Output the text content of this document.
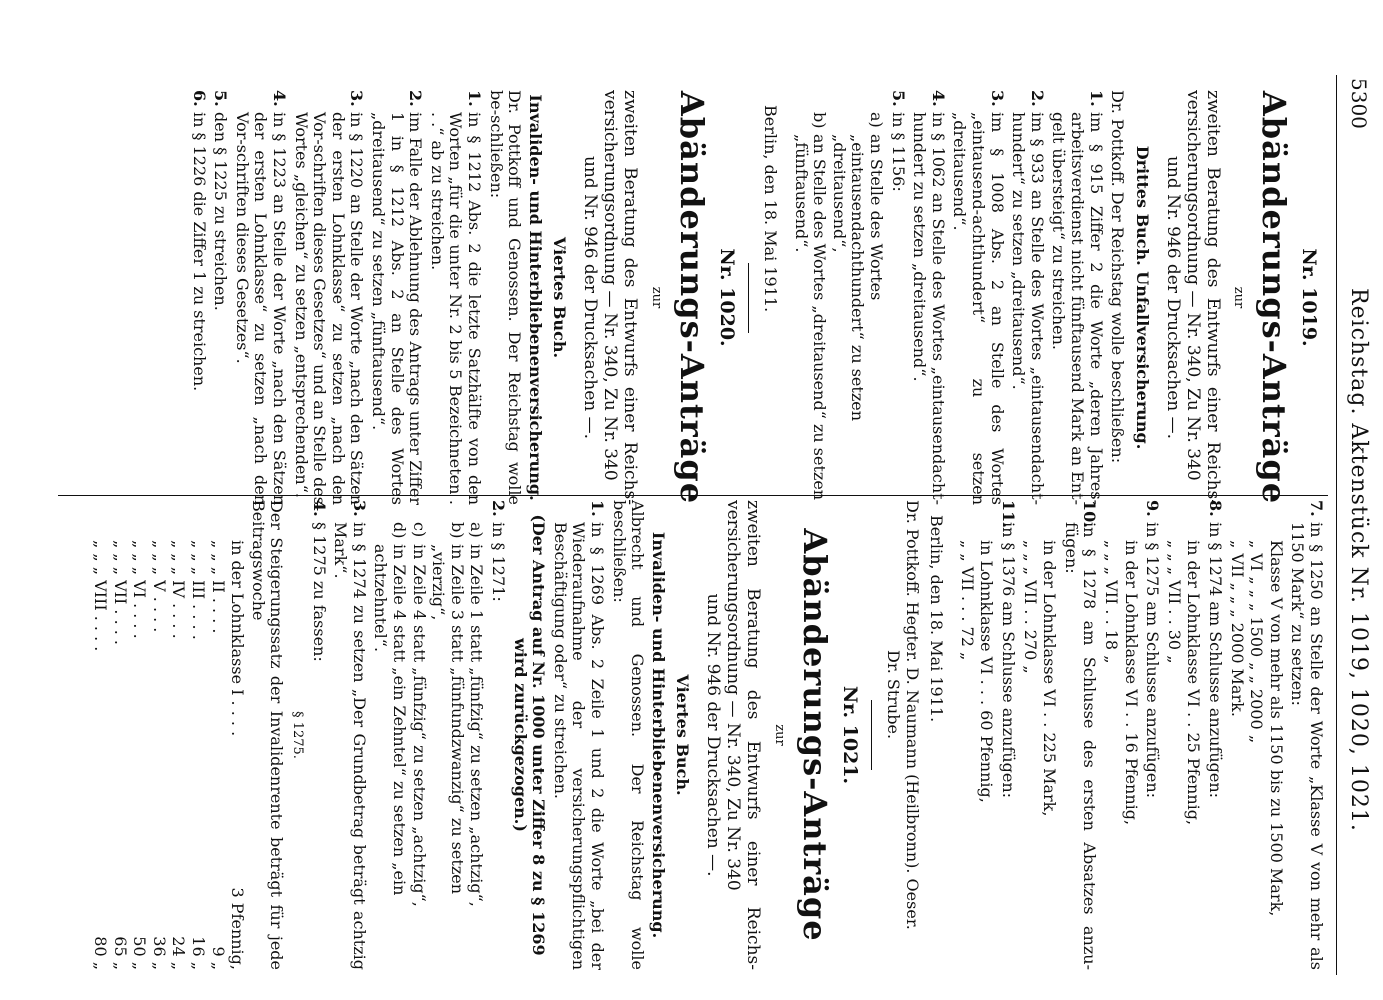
5300
Reichstag. Aktenstück Nr. 1019, 1020, 1021.
Nr. 1019.
Abänderungs-Anträge
zur
zweiten Beratung des Entwurfs einer Reichs-versicherungsordnung — Nr. 340, Zu Nr. 340
und Nr. 946 der Drucksachen —.
Drittes Buch. Unfallversicherung.
Dr. Pottkoff. Der Reichstag wolle beschließen:
1.
im § 915 Ziffer 2 die Worte „deren Jahres-arbeitsverdienst nicht fünftausend Mark an Ent-gelt übersteigt“ zu streichen.
2.
im § 933 an Stelle des Wortes „eintausendacht-hundert“ zu setzen „dreitausend“.
3.
im § 1008 Abs. 2 an Stelle des Wortes „eintausend-achthundert“ zu setzen „dreitausend“.
4.
in § 1062 an Stelle des Wortes „eintausendacht-hundert zu setzen „dreitausend“.
5.
in § 1156:
a)
an Stelle des Wortes „eintausendachthundert“ zu setzen „dreitausend“,
b)
an Stelle des Wortes „dreitausend“ zu setzen „fünftausend“.
Berlin, den 18. Mai 1911.
Nr. 1020.
Abänderungs-Anträge
zur
zweiten Beratung des Entwurfs einer Reichs-versicherungsordnung — Nr. 340, Zu Nr. 340
und Nr. 946 der Drucksachen —.
Viertes Buch.
Invaliden- und Hinterbliebenenversicherung.
Dr. Pottkoff und Genossen. Der Reichstag wolle be-schließen:
1.
in § 1212 Abs. 2 die letzte Satzhälfte von den Worten „für die unter Nr. 2 bis 5 Bezeichneten . . .“ ab zu streichen.
2.
im Falle der Ablehnung des Antrags unter Ziffer 1 in § 1212 Abs. 2 an Stelle des Wortes „dreitausend“ zu setzen „fünftausend“.
3.
in § 1220 an Stelle der Worte „nach den Sätzen der ersten Lohnklasse“ zu setzen „nach den Vor-schriften dieses Gesetzes“ und an Stelle des Wortes „gleichen“ zu setzen „entsprechenden“.
4.
in § 1223 an Stelle der Worte „nach den Sätzen der ersten Lohnklasse“ zu setzen „nach den Vor-schriften dieses Gesetzes“.
5.
den § 1225 zu streichen.
6.
in § 1226 die Ziffer 1 zu streichen.
7.
in § 1250 an Stelle der Worte „Klasse V von mehr als 1150 Mark“ zu setzen:
Klasse V von mehr als 1150 bis zu 1500 Mark,
„ VI „ „ „ 1500 „ „ 2000 „
„ VII „ „ „ 2000 Mark.
8.
in § 1274 am Schlusse anzufügen:
in der Lohnklasse VI . . 25 Pfennig,
„ „ „ VII . . 30 „
9.
in § 1275 am Schlusse anzufügen:
in der Lohnklasse VI . . 16 Pfennig,
„ „ „ VII . . 18 „
10.
in § 1278 am Schlusse des ersten Absatzes anzu-fügen:
in der Lohnklasse VI . . 225 Mark,
„ „ „ VII . . 270 „
11.
in § 1376 am Schlusse anzufügen:
in Lohnklasse VI . . . 60 Pfennig,
„ „ VII . . . 72 „
Berlin, den 18. Mai 1911.
Dr. Pottkoff. Hegter. D. Naumann (Heilbronn). Oeser.
Dr. Strube.
Nr. 1021.
Abänderungs-Anträge
zur
zweiten Beratung des Entwurfs einer Reichs-versicherungsordnung — Nr. 340, Zu Nr. 340
und Nr. 946 der Drucksachen —.
Viertes Buch.
Invaliden- und Hinterbliebenenversicherung.
Albrecht und Genossen. Der Reichstag wolle beschließen:
1.
in § 1269 Abs. 2 Zeile 1 und 2 die Worte „bei der Wiederaufnahme der versicherungspflichtigen Beschäftigung oder“ zu streichen.
(Der Antrag auf Nr. 1000 unter Ziffer 8 zu § 1269 wird zurückgezogen.)
2.
in § 1271:
a)
in Zeile 1 statt „fünfzig“ zu setzen „achtzig“,
b)
in Zeile 3 statt „fünfundzwanzig“ zu setzen „vierzig“,
c)
in Zeile 4 statt „fünfzig“ zu setzen „achtzig“,
d)
in Zeile 4 statt „ein Zehntel“ zu setzen „ein achtzehntel“.
3.
in § 1274 zu setzen „Der Grundbetrag beträgt achtzig Mark“.
4.
§ 1275 zu fassen:
§ 1275.
Der Steigerungssatz der Invalidenrente beträgt für jede Beitragswoche
in der Lohnklasse I . . . .
3 Pfennig,
„ „ „ II . . . .
9 „
„ „ „ III . . . .
16 „
„ „ „ IV . . . .
24 „
„ „ „ V . . . .
36 „
„ „ „ VI . . . .
50 „
„ „ „ VII . . . .
65 „
„ „ „ VIII . . . .
80 „
